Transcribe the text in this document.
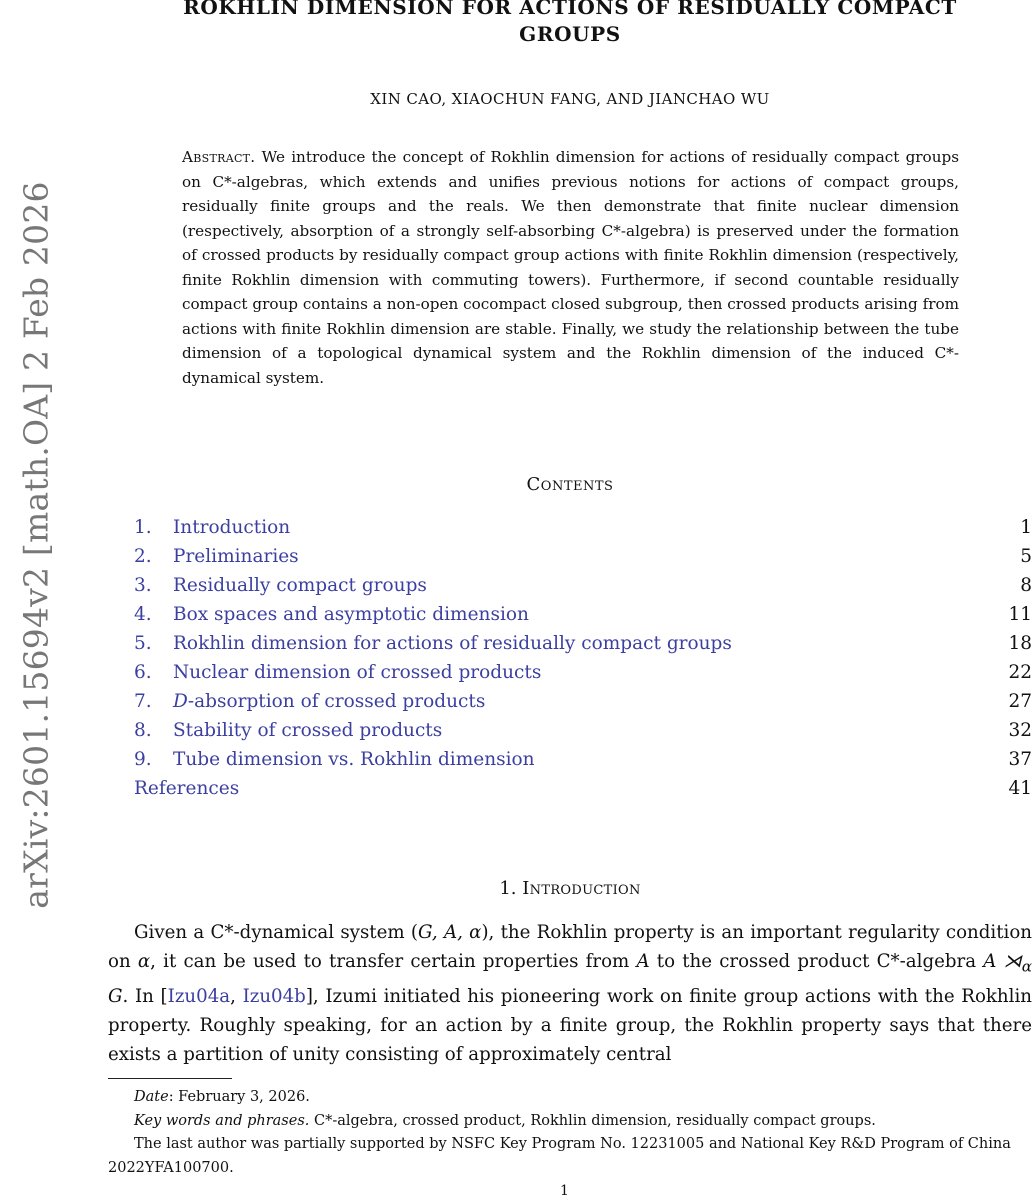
arXiv:2601.15694v2 [math.OA] 2 Feb 2026
ROKHLIN DIMENSION FOR ACTIONS OF RESIDUALLY COMPACT
GROUPS
XIN CAO, XIAOCHUN FANG, AND JIANCHAO WU
Abstract. We introduce the concept of Rokhlin dimension for actions of residually compact groups on C*-algebras, which extends and unifies previous notions for actions of compact groups, residually finite groups and the reals. We then demonstrate that finite nuclear dimension (respectively, absorption of a strongly self-absorbing C*-algebra) is preserved under the formation of crossed products by residually compact group actions with finite Rokhlin dimension (respectively, finite Rokhlin dimension with commuting towers). Furthermore, if second countable residually compact group contains a non-open cocompact closed subgroup, then crossed products arising from actions with finite Rokhlin dimension are stable. Finally, we study the relationship between the tube dimension of a topological dynamical system and the Rokhlin dimension of the induced C*-dynamical system.
Contents
1.	Introduction	1
2.	Preliminaries	5
3.	Residually compact groups	8
4.	Box spaces and asymptotic dimension	11
5.	Rokhlin dimension for actions of residually compact groups	18
6.	Nuclear dimension of crossed products	22
7.	D-absorption of crossed products	27
8.	Stability of crossed products	32
9.	Tube dimension vs. Rokhlin dimension	37
References	41
1. Introduction
Given a C*-dynamical system (G, A, α), the Rokhlin property is an important regularity condition on α, it can be used to transfer certain properties from A to the crossed product C*-algebra A $⋊_\alpha$ G. In [Izu04a, Izu04b], Izumi initiated his pioneering work on finite group actions with the Rokhlin property. Roughly speaking, for an action by a finite group, the Rokhlin property says that there exists a partition of unity consisting of approximately central

Date: February 3, 2026.

Key words and phrases. C*-algebra, crossed product, Rokhlin dimension, residually compact groups.

The last author was partially supported by NSFC Key Program No. 12231005 and National Key R&D Program of China 2022YFA100700.

1
